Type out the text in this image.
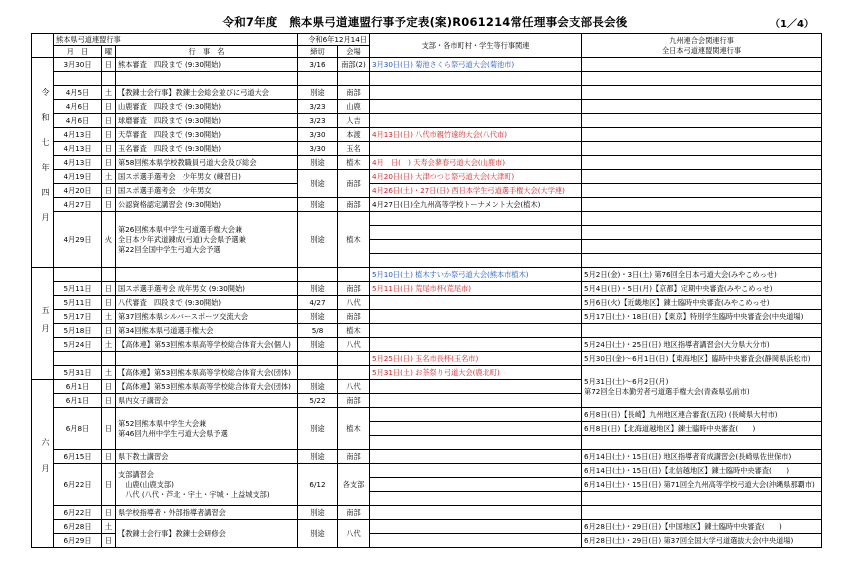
令和7年度　熊本県弓道連盟行事予定表(案)R061214常任理事会支部長会後	（1／4）
	熊本県弓道連盟行事			令和6年12月14日		支部・各市町村・学生等行事関連	九州連合会関連行事
全日本弓道連盟関連行事

	月　日	曜	行　事　名	締切	会場		

令和七年四月	3月30日	日	熊本審査　四段まで (9:30開始)	3/16	南部(2)	3月30日(日) 菊池さくら祭弓道大会(菊池市)	

	4月5日	土	【教錬士会行事】教錬士会総会並びに弓道大会	別途	南部		
	4月6日	日	山鹿審査　四段まで (9:30開始)	3/23	山鹿		
	4月6日	日	球磨審査　四段まで (9:30開始)	3/23	人吉		
	4月13日	日	天草審査　四段まで (9:30開始)	3/30	本渡	4月13日(日) 八代市親竹遠的大会(八代市)	
	4月13日	日	玉名審査　四段まで (9:30開始)	3/30	玉名		
	4月13日	日	第58回熊本県学校教職員弓道大会及び総会	別途	植木	4月　日(　) 天寿会蓼春弓道大会(山鹿市)	
	4月19日	土	国スポ選手選考会　少年男女 (練習日)	別途	南部	4月20日(日) 大津つつじ祭弓道大会(大津町)	
	4月20日	日	国スポ選手選考会　少年男女			4月26日(土)・27日(日) 西日本学生弓道選手権大会(大学連)	
	4月27日	日	公認資格認定講習会 (9:30開始)	別途	南部	4月27日(日)全九州高等学校トーナメント大会(植木)	
	4月29日	火	第26回熊本県中学生弓道選手権大会兼
全日本少年武道錬成(弓道)大会県予選兼
第22回全国中学生弓道大会予選	別途	植木		

五月						5月10日(土) 植木すいか祭弓道大会(熊本市植木)	5月2日(金)・3日(土) 第76回全日本弓道大会(みやこめっせ)
	5月11日	日	国スポ選手選考会 成年男女 (9:30開始)	別途	南部	5月11日(日) 荒尾市杯(荒尾市)	5月4日(日)・5日(月)【京都】定期中央審査(みやこめっせ)
	5月11日	日	八代審査　四段まで (9:30開始)	4/27	八代		5月6日(火)【近畿地区】錬士臨時中央審査(みやこめっせ)
	5月17日	土	第37回熊本県シルバースポーツ交流大会	別途	南部		5月17日(土)・18日(日)【東京】特別学生臨時中央審査会(中央道場)
	5月18日	日	第34回熊本県弓道選手権大会	5/8	植木		
	5月24日	土	【高体連】第53回熊本県高等学校総合体育大会(個人)	別途	八代		5月24日(土)・25日(日) 地区指導者講習会(大分県大分市)
						5月25日(日) 玉名市長杯(玉名市)	5月30日(金)～6月1日(日)【東海地区】臨時中央審査会(静岡県浜松市)
	5月31日	土	【高体連】第53回熊本県高等学校総合体育大会(団体)			5月31日(土) お茶祭り弓道大会(鹿北町)	5月31日(土)～6月2日(月)
第72回全日本勤労者弓道選手権大会(青森県弘前市)

六月	6月1日	日	【高体連】第53回熊本県高等学校総合体育大会(団体)	別途	八代		
	6月1日	日	県内女子講習会	5/22	南部		
	6月8日	日	第52回熊本県中学生大会兼
第46回九州中学生弓道大会県予選	別途	植木		6月8日(日)【長崎】九州地区連合審査(五段) (長崎県大村市)
							6月8日(日)【北海道越地区】錬士臨時中央審査(　　)

	6月15日	日	県下教士講習会	別途	南部		6月14日(土)・15日(日) 地区指導者育成講習会(長崎県佐世保市)
	6月22日	日	支部講習会
　山鹿(山鹿支部)
　八代 (八代・芦北・宇土・宇城・上益城支部)	6/12	各支部		6月14日(土)・15日(日)【北信越地区】錬士臨時中央審査(　　)
							6月14日(土)・15日(日) 第71回全九州高等学校弓道大会(沖縄県那覇市)

	6月22日	日	県学校指導者・外部指導者講習会	別途	南部		
	6月28日	土	【教錬士会行事】教錬士会研修会	別途	八代		6月28日(土)・29日(日)【中国地区】錬士臨時中央審査(　　)
	6月29日	日					6月28日(土)・29日(日) 第37回全国大学弓道選抜大会(中央道場)
